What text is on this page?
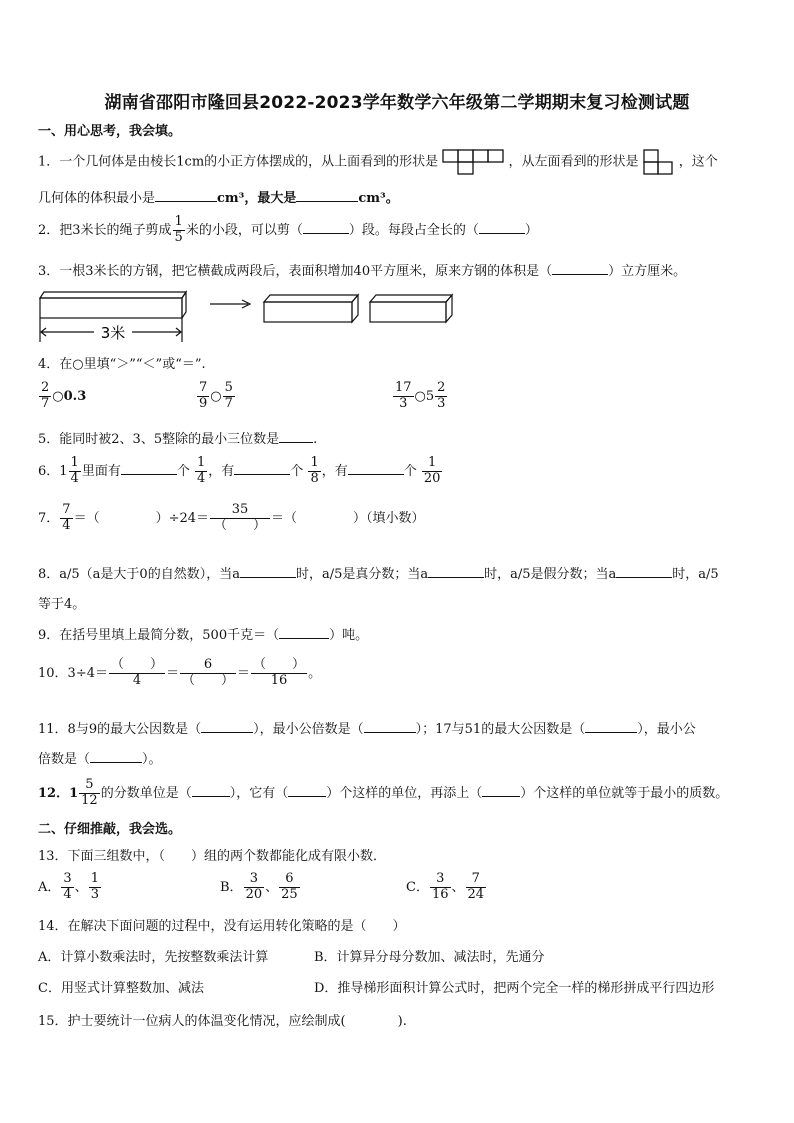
湖南省邵阳市隆回县2022-2023学年数学六年级第二学期期末复习检测试题
一、用心思考，我会填。
1．一个几何体是由棱长1cm的小正方体摆成的，从上面看到的形状是	，从左面看到的形状是	，这个
几何体的体积最小是	cm³，最大是	cm³。
2．把3米长的绳子剪成 $\frac{1}{5}$ 米的小段，可以剪（	）段。每段占全长的（	）
3．一根3米长的方钢，把它横截成两段后，表面积增加40平方厘米，原来方钢的体积是（	）立方厘米。
3米
4．在○里填“＞”“＜”或“＝”.
$\frac{2}{7}$ ○0.3	$\frac{7}{9}$ ○ $\frac{5}{7}$	$\frac{17}{3}$ ○5 $\frac{2}{3}$
5．能同时被2、3、5整除的最小三位数是	.
6．$1 \frac{1}{4}$ 里面有	个 $\frac{1}{4}$ ，有	个 $\frac{1}{8}$ ，有	个 $\frac{1}{20}$
7． $\frac{7}{4}$ ＝（	）$\div 24= \frac{35}{( )}$ ＝（	）（填小数）
8．a/5（a是大于0的自然数），当a	时，a/5是真分数；当a	时，a/5是假分数；当a	时，a/5
等于4。
9．在括号里填上最简分数，500千克＝（	）吨。
10．$3\div 4= \frac{( )}{4} = \frac{6}{( )} = \frac{( )}{16}$ 。
11．8与9的最大公因数是（	），最小公倍数是（	）；17与51的最大公因数是（	），最小公
倍数是（	）。
12．$1 \frac{5}{12}$ 的分数单位是（	），它有（	）个这样的单位，再添上（	）个这样的单位就等于最小的质数。
二、仔细推敲，我会选。
13．下面三组数中，（　　）组的两个数都能化成有限小数．
A． $\frac{3}{4}$ 、 $\frac{1}{3}$	B． $\frac{3}{20}$ 、 $\frac{6}{25}$	C． $\frac{3}{16}$ 、 $\frac{7}{24}$
14．在解决下面问题的过程中，没有运用转化策略的是（　　）
A．计算小数乘法时，先按整数乘法计算	B．计算异分母分数加、减法时，先通分
C．用竖式计算整数加、减法	D．推导梯形面积计算公式时，把两个完全一样的梯形拼成平行四边形
15．护士要统计一位病人的体温变化情况，应绘制成(	).
